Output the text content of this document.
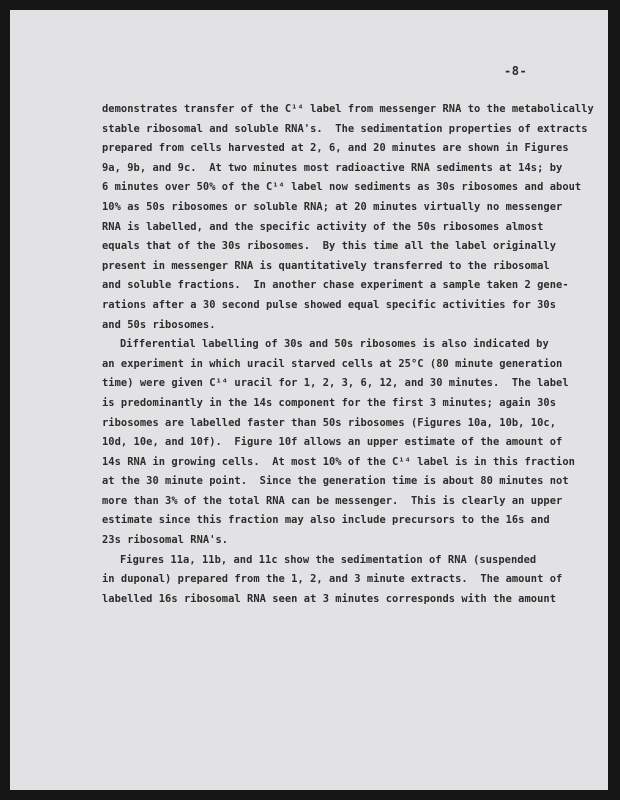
-8-
demonstrates transfer of the C¹⁴ label from messenger RNA to the metabolically
stable ribosomal and soluble RNA's.  The sedimentation properties of extracts
prepared from cells harvested at 2, 6, and 20 minutes are shown in Figures
9a, 9b, and 9c.  At two minutes most radioactive RNA sediments at 14s; by
6 minutes over 50% of the C¹⁴ label now sediments as 30s ribosomes and about
10% as 50s ribosomes or soluble RNA; at 20 minutes virtually no messenger
RNA is labelled, and the specific activity of the 50s ribosomes almost
equals that of the 30s ribosomes.  By this time all the label originally
present in messenger RNA is quantitatively transferred to the ribosomal
and soluble fractions.  In another chase experiment a sample taken 2 gene-
rations after a 30 second pulse showed equal specific activities for 30s
and 50s ribosomes.
Differential labelling of 30s and 50s ribosomes is also indicated by
an experiment in which uracil starved cells at 25°C (80 minute generation
time) were given C¹⁴ uracil for 1, 2, 3, 6, 12, and 30 minutes.  The label
is predominantly in the 14s component for the first 3 minutes; again 30s
ribosomes are labelled faster than 50s ribosomes (Figures 10a, 10b, 10c,
10d, 10e, and 10f).  Figure 10f allows an upper estimate of the amount of
14s RNA in growing cells.  At most 10% of the C¹⁴ label is in this fraction
at the 30 minute point.  Since the generation time is about 80 minutes not
more than 3% of the total RNA can be messenger.  This is clearly an upper
estimate since this fraction may also include precursors to the 16s and
23s ribosomal RNA's.
Figures 11a, 11b, and 11c show the sedimentation of RNA (suspended
in duponal) prepared from the 1, 2, and 3 minute extracts.  The amount of
labelled 16s ribosomal RNA seen at 3 minutes corresponds with the amount
